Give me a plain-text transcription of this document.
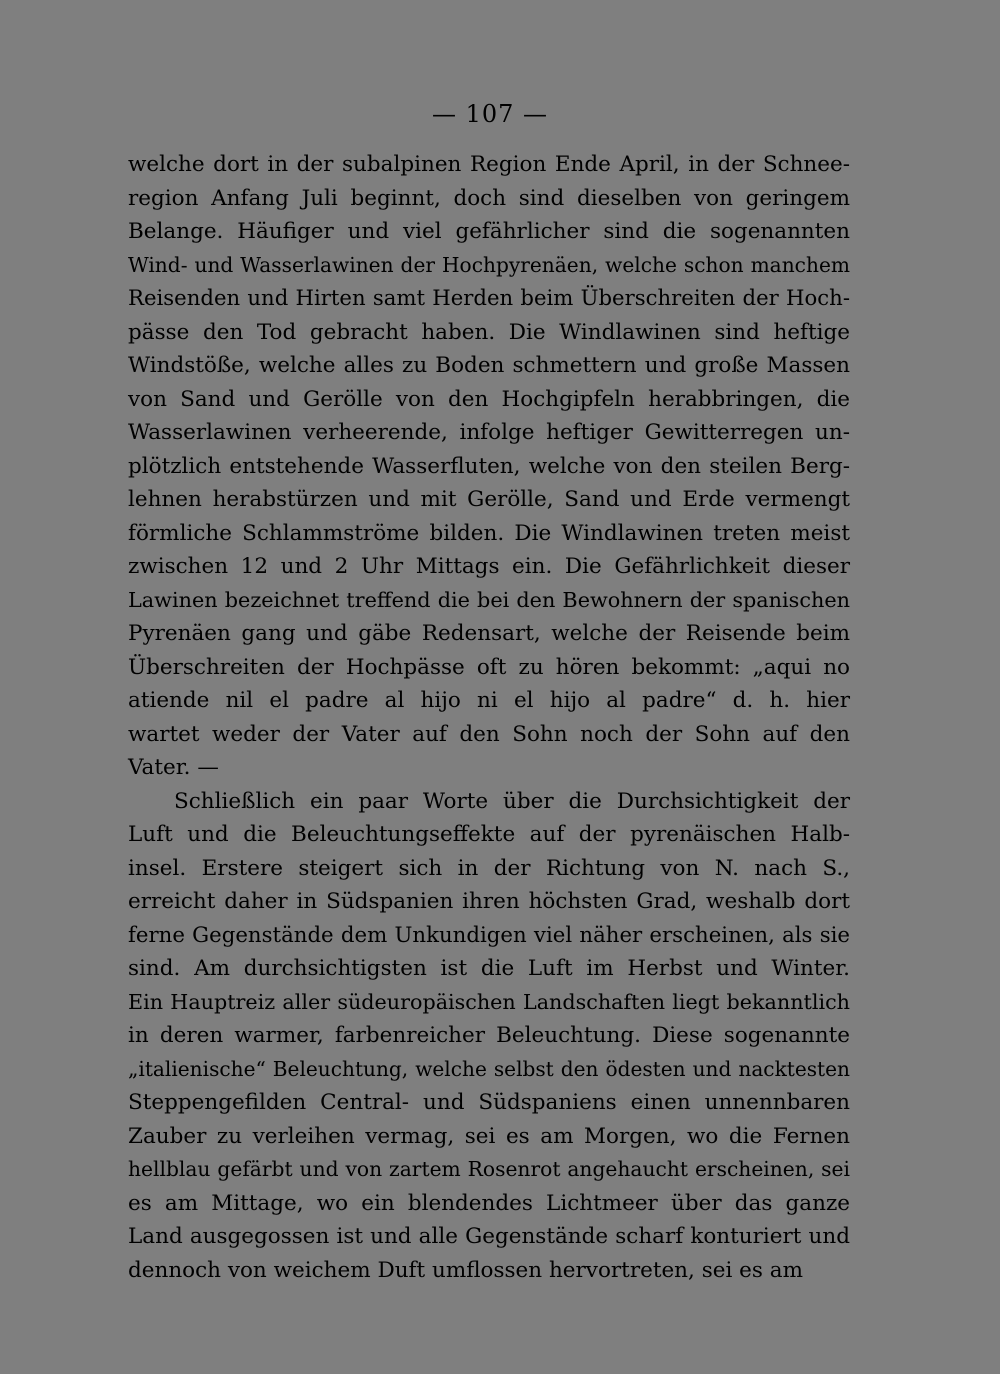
— 107 —
welche dort in der subalpinen Region Ende April, in der Schnee-
region Anfang Juli beginnt, doch sind dieselben von geringem
Belange. Häufiger und viel gefährlicher sind die sogenannten
Wind- und Wasserlawinen der Hochpyrenäen, welche schon manchem
Reisenden und Hirten samt Herden beim Überschreiten der Hoch-
pässe den Tod gebracht haben. Die Windlawinen sind heftige
Windstöße, welche alles zu Boden schmettern und große Massen
von Sand und Gerölle von den Hochgipfeln herabbringen, die
Wasserlawinen verheerende, infolge heftiger Gewitterregen un-
plötzlich entstehende Wasserfluten, welche von den steilen Berg-
lehnen herabstürzen und mit Gerölle, Sand und Erde vermengt
förmliche Schlammströme bilden. Die Windlawinen treten meist
zwischen 12 und 2 Uhr Mittags ein. Die Gefährlichkeit dieser
Lawinen bezeichnet treffend die bei den Bewohnern der spanischen
Pyrenäen gang und gäbe Redensart, welche der Reisende beim
Überschreiten der Hochpässe oft zu hören bekommt: „aqui no
atiende nil el padre al hijo ni el hijo al padre“ d. h. hier
wartet weder der Vater auf den Sohn noch der Sohn auf den
Vater. —
Schließlich ein paar Worte über die Durchsichtigkeit der
Luft und die Beleuchtungseffekte auf der pyrenäischen Halb-
insel. Erstere steigert sich in der Richtung von N. nach S.,
erreicht daher in Südspanien ihren höchsten Grad, weshalb dort
ferne Gegenstände dem Unkundigen viel näher erscheinen, als sie
sind. Am durchsichtigsten ist die Luft im Herbst und Winter.
Ein Hauptreiz aller südeuropäischen Landschaften liegt bekanntlich
in deren warmer, farbenreicher Beleuchtung. Diese sogenannte
„italienische“ Beleuchtung, welche selbst den ödesten und nacktesten
Steppengefilden Central- und Südspaniens einen unnennbaren
Zauber zu verleihen vermag, sei es am Morgen, wo die Fernen
hellblau gefärbt und von zartem Rosenrot angehaucht erscheinen, sei
es am Mittage, wo ein blendendes Lichtmeer über das ganze
Land ausgegossen ist und alle Gegenstände scharf konturiert und
dennoch von weichem Duft umflossen hervortreten, sei es am
